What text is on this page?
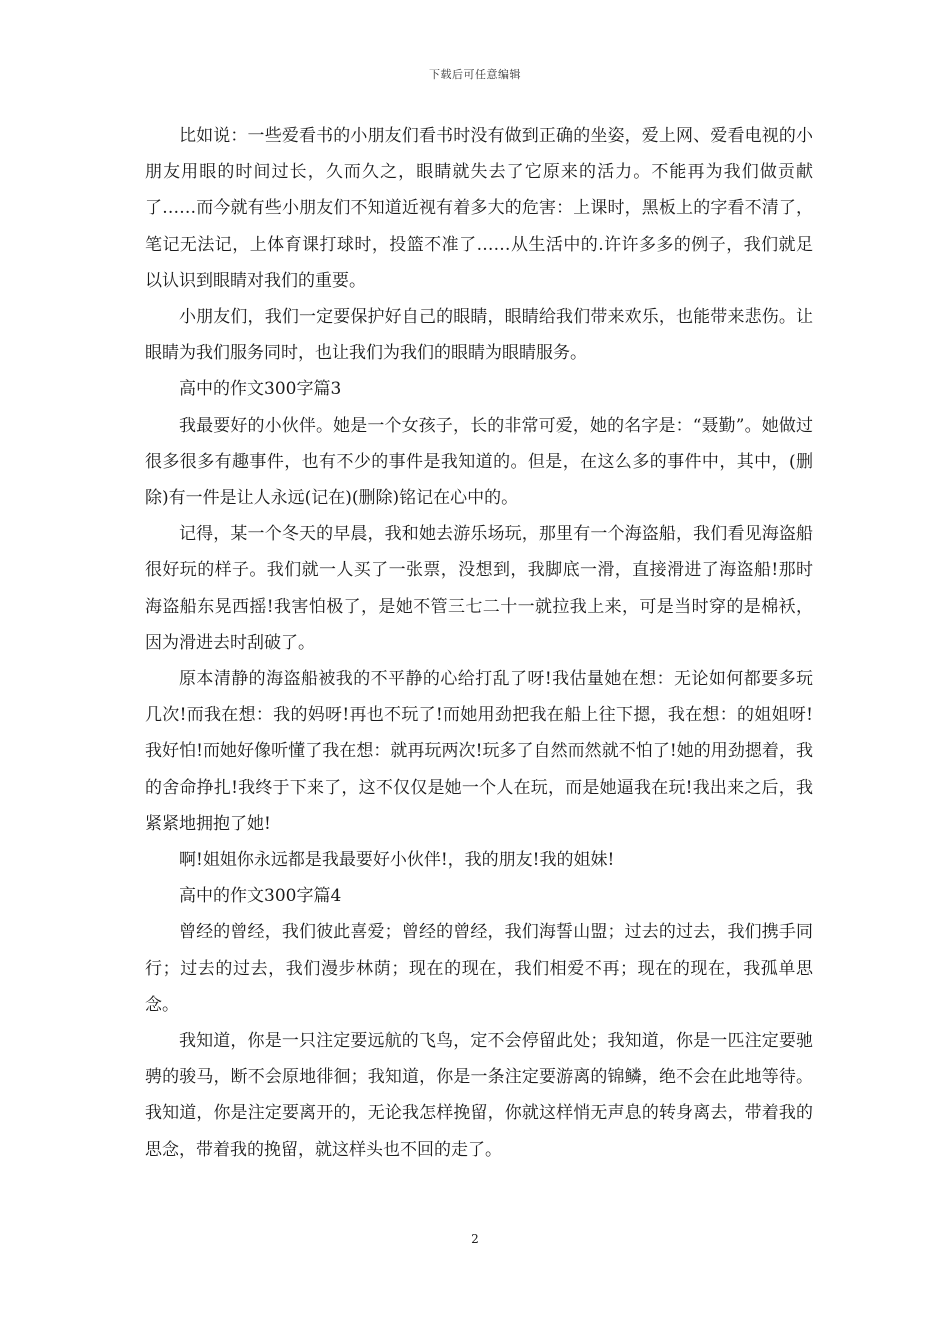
下载后可任意编辑

比如说：一些爱看书的小朋友们看书时没有做到正确的坐姿，爱上网、爱看电视的小朋友用眼的时间过长，久而久之，眼睛就失去了它原来的活力。不能再为我们做贡献了……而今就有些小朋友们不知道近视有着多大的危害：上课时，黑板上的字看不清了，笔记无法记，上体育课打球时，投篮不准了……从生活中的.许许多多的例子，我们就足以认识到眼睛对我们的重要。

小朋友们，我们一定要保护好自己的眼睛，眼睛给我们带来欢乐，也能带来悲伤。让眼睛为我们服务同时，也让我们为我们的眼睛为眼睛服务。

高中的作文300字篇3

我最要好的小伙伴。她是一个女孩子，长的非常可爱，她的名字是：“聂勤”。她做过很多很多有趣事件，也有不少的事件是我知道的。但是，在这么多的事件中，其中，(删除)有一件是让人永远(记在)(删除)铭记在心中的。

记得，某一个冬天的早晨，我和她去游乐场玩，那里有一个海盗船，我们看见海盗船很好玩的样子。我们就一人买了一张票，没想到，我脚底一滑，直接滑进了海盗船!那时海盗船东晃西摇!我害怕极了，是她不管三七二十一就拉我上来，可是当时穿的是棉袄，因为滑进去时刮破了。

原本清静的海盗船被我的不平静的心给打乱了呀!我估量她在想：无论如何都要多玩几次!而我在想：我的妈呀!再也不玩了!而她用劲把我在船上往下摁，我在想：的姐姐呀!我好怕!而她好像听懂了我在想：就再玩两次!玩多了自然而然就不怕了!她的用劲摁着，我的舍命挣扎!我终于下来了，这不仅仅是她一个人在玩，而是她逼我在玩!我出来之后，我紧紧地拥抱了她!

啊!姐姐你永远都是我最要好小伙伴!，我的朋友!我的姐妹!

高中的作文300字篇4

曾经的曾经，我们彼此喜爱；曾经的曾经，我们海誓山盟；过去的过去，我们携手同行；过去的过去，我们漫步林荫；现在的现在，我们相爱不再；现在的现在，我孤单思念。

我知道，你是一只注定要远航的飞鸟，定不会停留此处；我知道，你是一匹注定要驰骋的骏马，断不会原地徘徊；我知道，你是一条注定要游离的锦鳞，绝不会在此地等待。我知道，你是注定要离开的，无论我怎样挽留，你就这样悄无声息的转身离去，带着我的思念，带着我的挽留，就这样头也不回的走了。

2
